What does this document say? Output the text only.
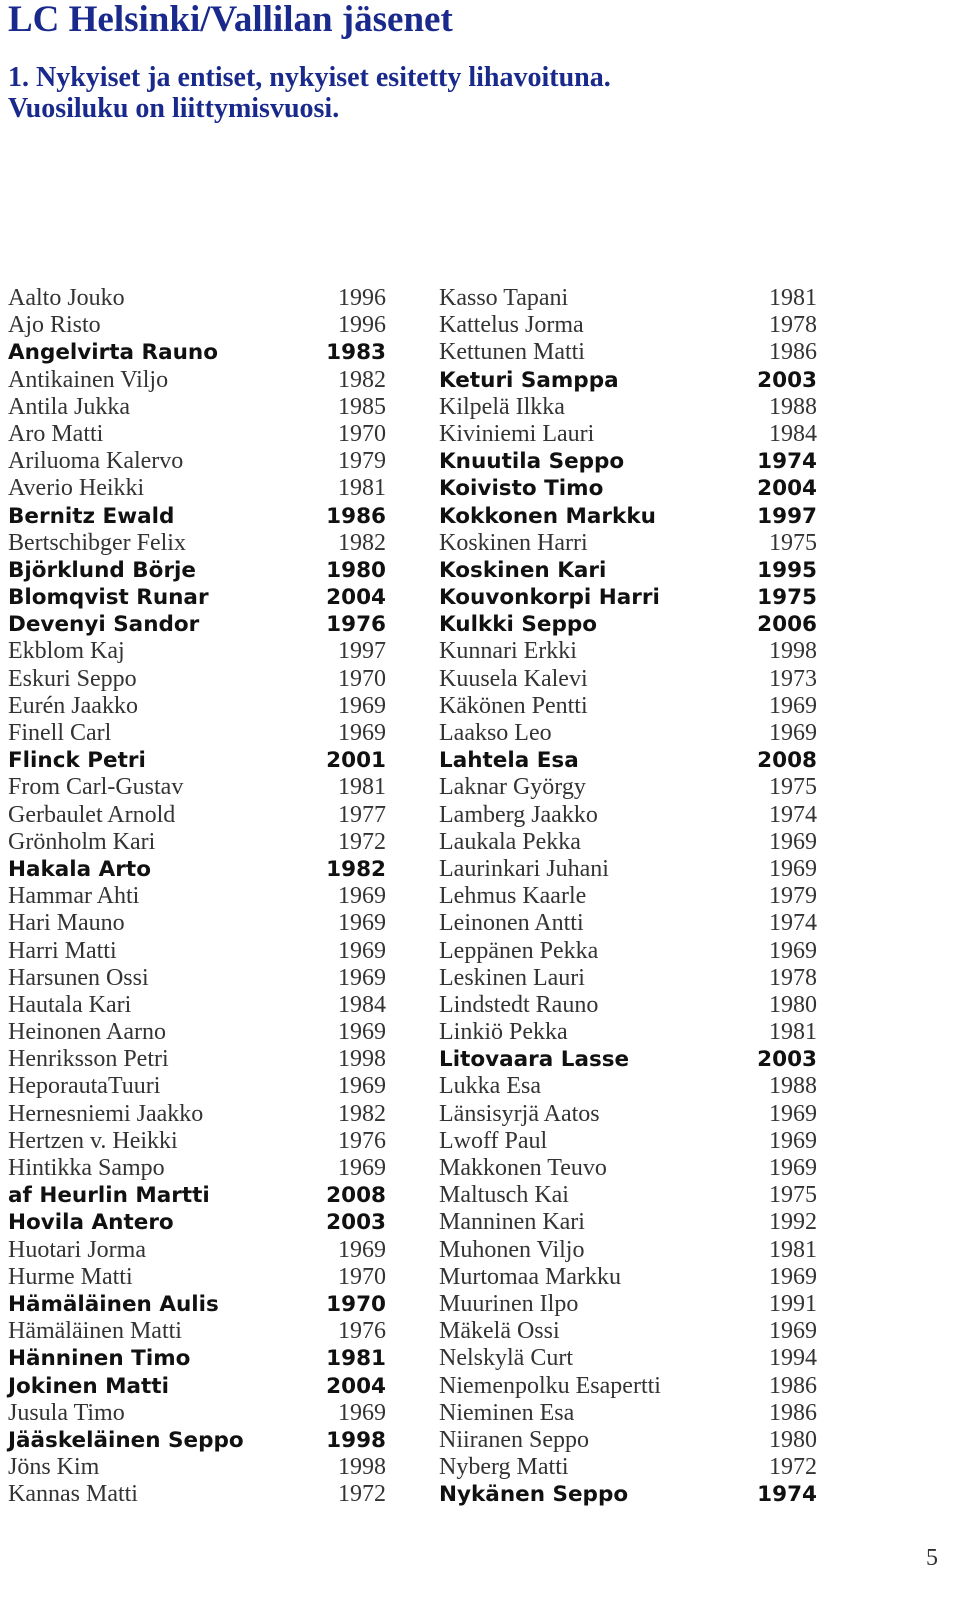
LC Helsinki/Vallilan jäsenet
1. Nykyiset ja entiset, nykyiset esitetty lihavoituna.
Vuosiluku on liittymisvuosi.
Aalto Jouko	1996
Ajo Risto	1996
Angelvirta Rauno	1983
Antikainen Viljo	1982
Antila Jukka	1985
Aro Matti	1970
Ariluoma Kalervo	1979
Averio Heikki	1981
Bernitz Ewald	1986
Bertschibger Felix	1982
Björklund Börje	1980
Blomqvist Runar	2004
Devenyi Sandor	1976
Ekblom Kaj	1997
Eskuri Seppo	1970
Eurén Jaakko	1969
Finell Carl	1969
Flinck Petri	2001
From Carl-Gustav	1981
Gerbaulet Arnold	1977
Grönholm Kari	1972
Hakala Arto	1982
Hammar Ahti	1969
Hari Mauno	1969
Harri Matti	1969
Harsunen Ossi	1969
Hautala Kari	1984
Heinonen Aarno	1969
Henriksson Petri	1998
HeporautaTuuri	1969
Hernesniemi Jaakko	1982
Hertzen v. Heikki	1976
Hintikka Sampo	1969
af Heurlin Martti	2008
Hovila Antero	2003
Huotari Jorma	1969
Hurme Matti	1970
Hämäläinen Aulis	1970
Hämäläinen Matti	1976
Hänninen Timo	1981
Jokinen Matti	2004
Jusula Timo	1969
Jääskeläinen Seppo	1998
Jöns Kim	1998
Kannas Matti	1972
Kasso Tapani	1981
Kattelus Jorma	1978
Kettunen Matti	1986
Keturi Samppa	2003
Kilpelä Ilkka	1988
Kiviniemi Lauri	1984
Knuutila Seppo	1974
Koivisto Timo	2004
Kokkonen Markku	1997
Koskinen Harri	1975
Koskinen Kari	1995
Kouvonkorpi Harri	1975
Kulkki Seppo	2006
Kunnari Erkki	1998
Kuusela Kalevi	1973
Käkönen Pentti	1969
Laakso Leo	1969
Lahtela Esa	2008
Laknar György	1975
Lamberg Jaakko	1974
Laukala Pekka	1969
Laurinkari Juhani	1969
Lehmus Kaarle	1979
Leinonen Antti	1974
Leppänen Pekka	1969
Leskinen Lauri	1978
Lindstedt Rauno	1980
Linkiö Pekka	1981
Litovaara Lasse	2003
Lukka Esa	1988
Länsisyrjä Aatos	1969
Lwoff Paul	1969
Makkonen Teuvo	1969
Maltusch Kai	1975
Manninen Kari	1992
Muhonen Viljo	1981
Murtomaa Markku	1969
Muurinen Ilpo	1991
Mäkelä Ossi	1969
Nelskylä Curt	1994
Niemenpolku Esapertti	1986
Nieminen Esa	1986
Niiranen Seppo	1980
Nyberg Matti	1972
Nykänen Seppo	1974
5
